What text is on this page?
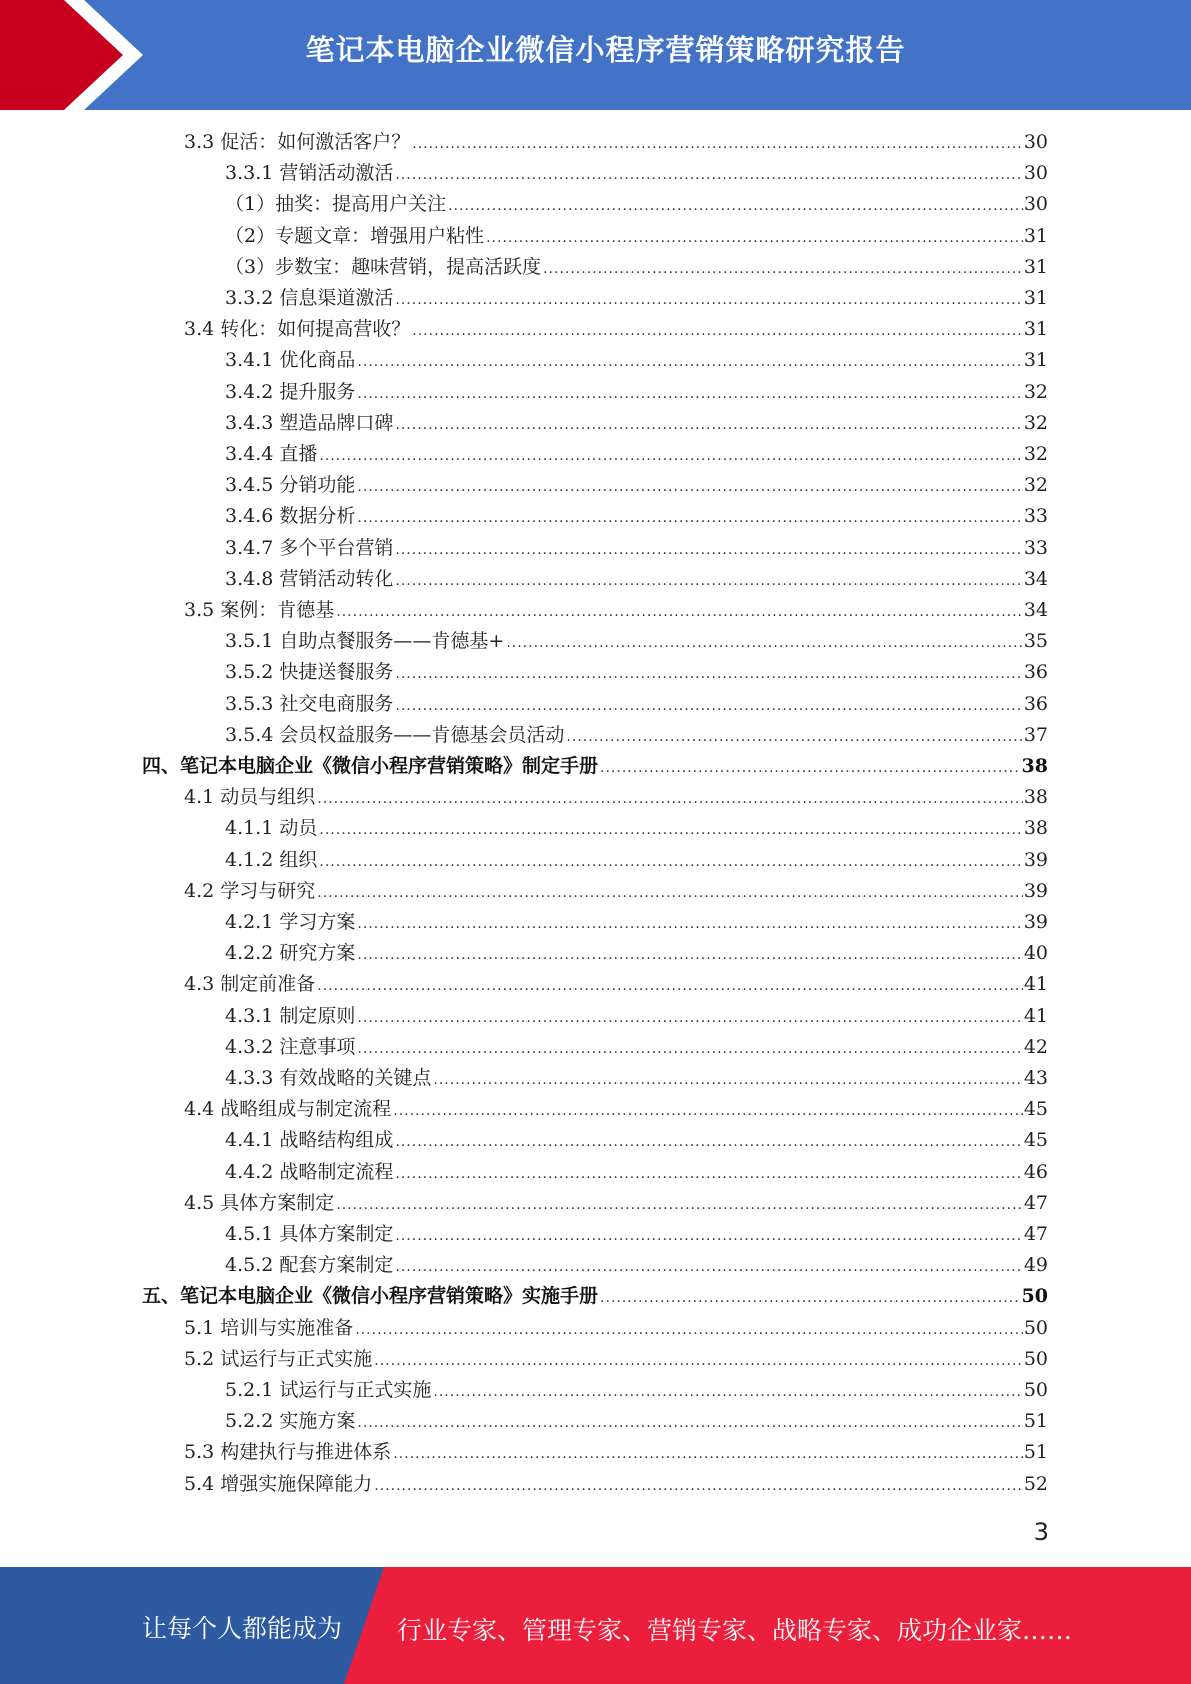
笔记本电脑企业微信小程序营销策略研究报告
3.3 促活：如何激活客户？ .....	30
3.3.1 营销活动激活 .....	30
（1）抽奖：提高用户关注 .....	30
（2）专题文章：增强用户粘性 .....	31
（3）步数宝：趣味营销，提高活跃度 .....	31
3.3.2 信息渠道激活 .....	31
3.4 转化：如何提高营收？ .....	31
3.4.1 优化商品 .....	31
3.4.2 提升服务 .....	32
3.4.3 塑造品牌口碑 .....	32
3.4.4 直播 .....	32
3.4.5 分销功能 .....	32
3.4.6 数据分析 .....	33
3.4.7 多个平台营销 .....	33
3.4.8 营销活动转化 .....	34
3.5 案例：肯德基 .....	34
3.5.1 自助点餐服务——肯德基+ .....	35
3.5.2 快捷送餐服务 .....	36
3.5.3 社交电商服务 .....	36
3.5.4 会员权益服务——肯德基会员活动 .....	37
四、笔记本电脑企业《微信小程序营销策略》制定手册 .....	38
4.1 动员与组织 .....	38
4.1.1 动员 .....	38
4.1.2 组织 .....	39
4.2 学习与研究 .....	39
4.2.1 学习方案 .....	39
4.2.2 研究方案 .....	40
4.3 制定前准备 .....	41
4.3.1 制定原则 .....	41
4.3.2 注意事项 .....	42
4.3.3 有效战略的关键点 .....	43
4.4 战略组成与制定流程 .....	45
4.4.1 战略结构组成 .....	45
4.4.2 战略制定流程 .....	46
4.5 具体方案制定 .....	47
4.5.1 具体方案制定 .....	47
4.5.2 配套方案制定 .....	49
五、笔记本电脑企业《微信小程序营销策略》实施手册 .....	50
5.1 培训与实施准备 .....	50
5.2 试运行与正式实施 .....	50
5.2.1 试运行与正式实施 .....	50
5.2.2 实施方案 .....	51
5.3 构建执行与推进体系 .....	51
5.4 增强实施保障能力 .....	52
3
让每个人都能成为 行业专家、管理专家、营销专家、战略专家、成功企业家……
